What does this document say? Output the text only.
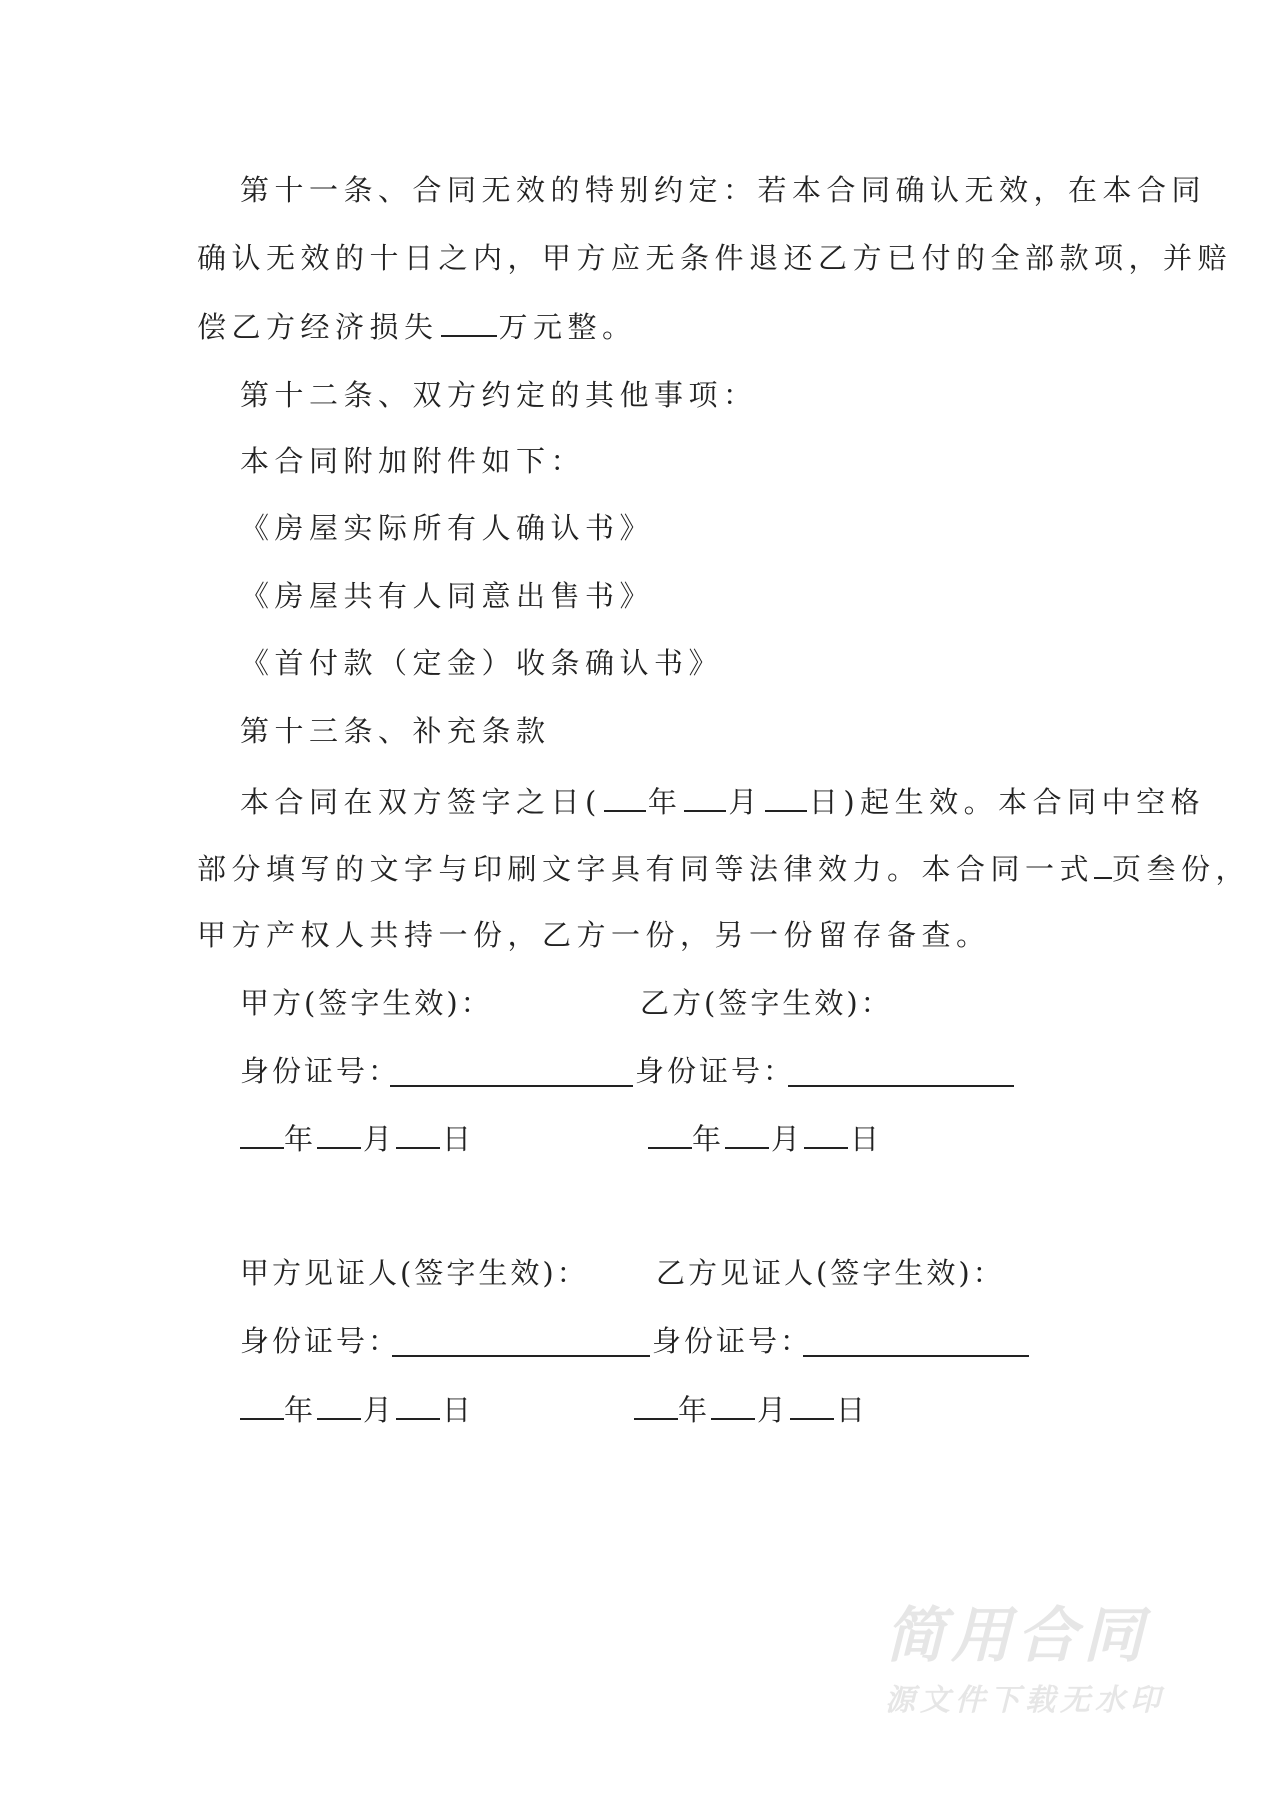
第十一条、合同无效的特别约定：若本合同确认无效，在本合同
确认无效的十日之内，甲方应无条件退还乙方已付的全部款项，并赔
偿乙方经济损失 万元整。
第十二条、双方约定的其他事项：
本合同附加附件如下：
《房屋实际所有人确认书》
《房屋共有人同意出售书》
《首付款（定金）收条确认书》
第十三条、补充条款
本合同在双方签字之日( 年 月 日)起生效。本合同中空格
部分填写的文字与印刷文字具有同等法律效力。本合同一式 页叁份，
甲方产权人共持一份，乙方一份，另一份留存备查。
甲方(签字生效)：	乙方(签字生效)：
身份证号：	身份证号：
年 月 日	年 月 日
甲方见证人(签字生效)： 乙方见证人(签字生效)：
身份证号：	身份证号：
年 月 日	年 月 日
简用合同
源文件下载无水印
